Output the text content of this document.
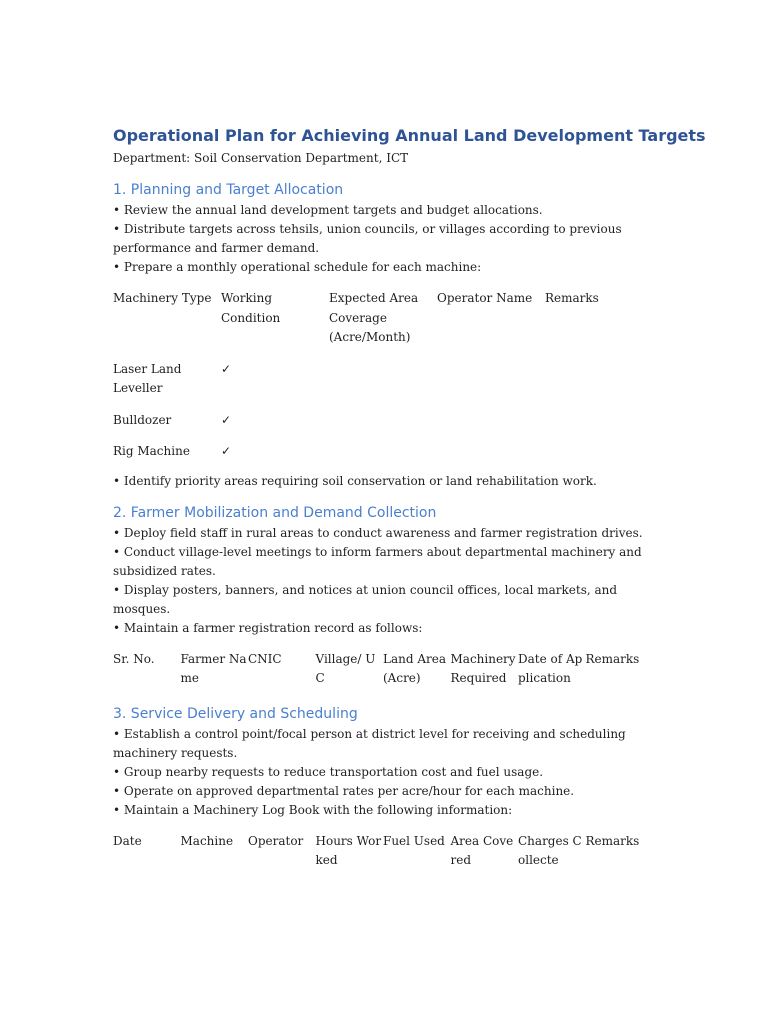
Operational Plan for Achieving Annual Land Development Targets

Department: Soil Conservation Department, ICT

1. Planning and Target Allocation

• Review the annual land development targets and budget allocations.

• Distribute targets across tehsils, union councils, or villages according to previous performance and farmer demand.

• Prepare a monthly operational schedule for each machine:

Machinery Type	Working Condition	Expected Area Coverage (Acre/Month)	Operator Name	Remarks
Laser Land Leveller	✓			
Bulldozer	✓			
Rig Machine	✓			

• Identify priority areas requiring soil conservation or land rehabilitation work.

2. Farmer Mobilization and Demand Collection

• Deploy field staff in rural areas to conduct awareness and farmer registration drives.

• Conduct village-level meetings to inform farmers about departmental machinery and subsidized rates.

• Display posters, banners, and notices at union council offices, local markets, and mosques.

• Maintain a farmer registration record as follows:

Sr. No.	Farmer Name	CNIC	Village/ UC	Land Area (Acre)	Machinery Required	Date of Application	Remarks
3. Service Delivery and Scheduling

• Establish a control point/focal person at district level for receiving and scheduling machinery requests.

• Group nearby requests to reduce transportation cost and fuel usage.

• Operate on approved departmental rates per acre/hour for each machine.

• Maintain a Machinery Log Book with the following information:

Date	Machine	Operator	Hours Worked	Fuel Used	Area Covered	Charges Collecte	Remarks
